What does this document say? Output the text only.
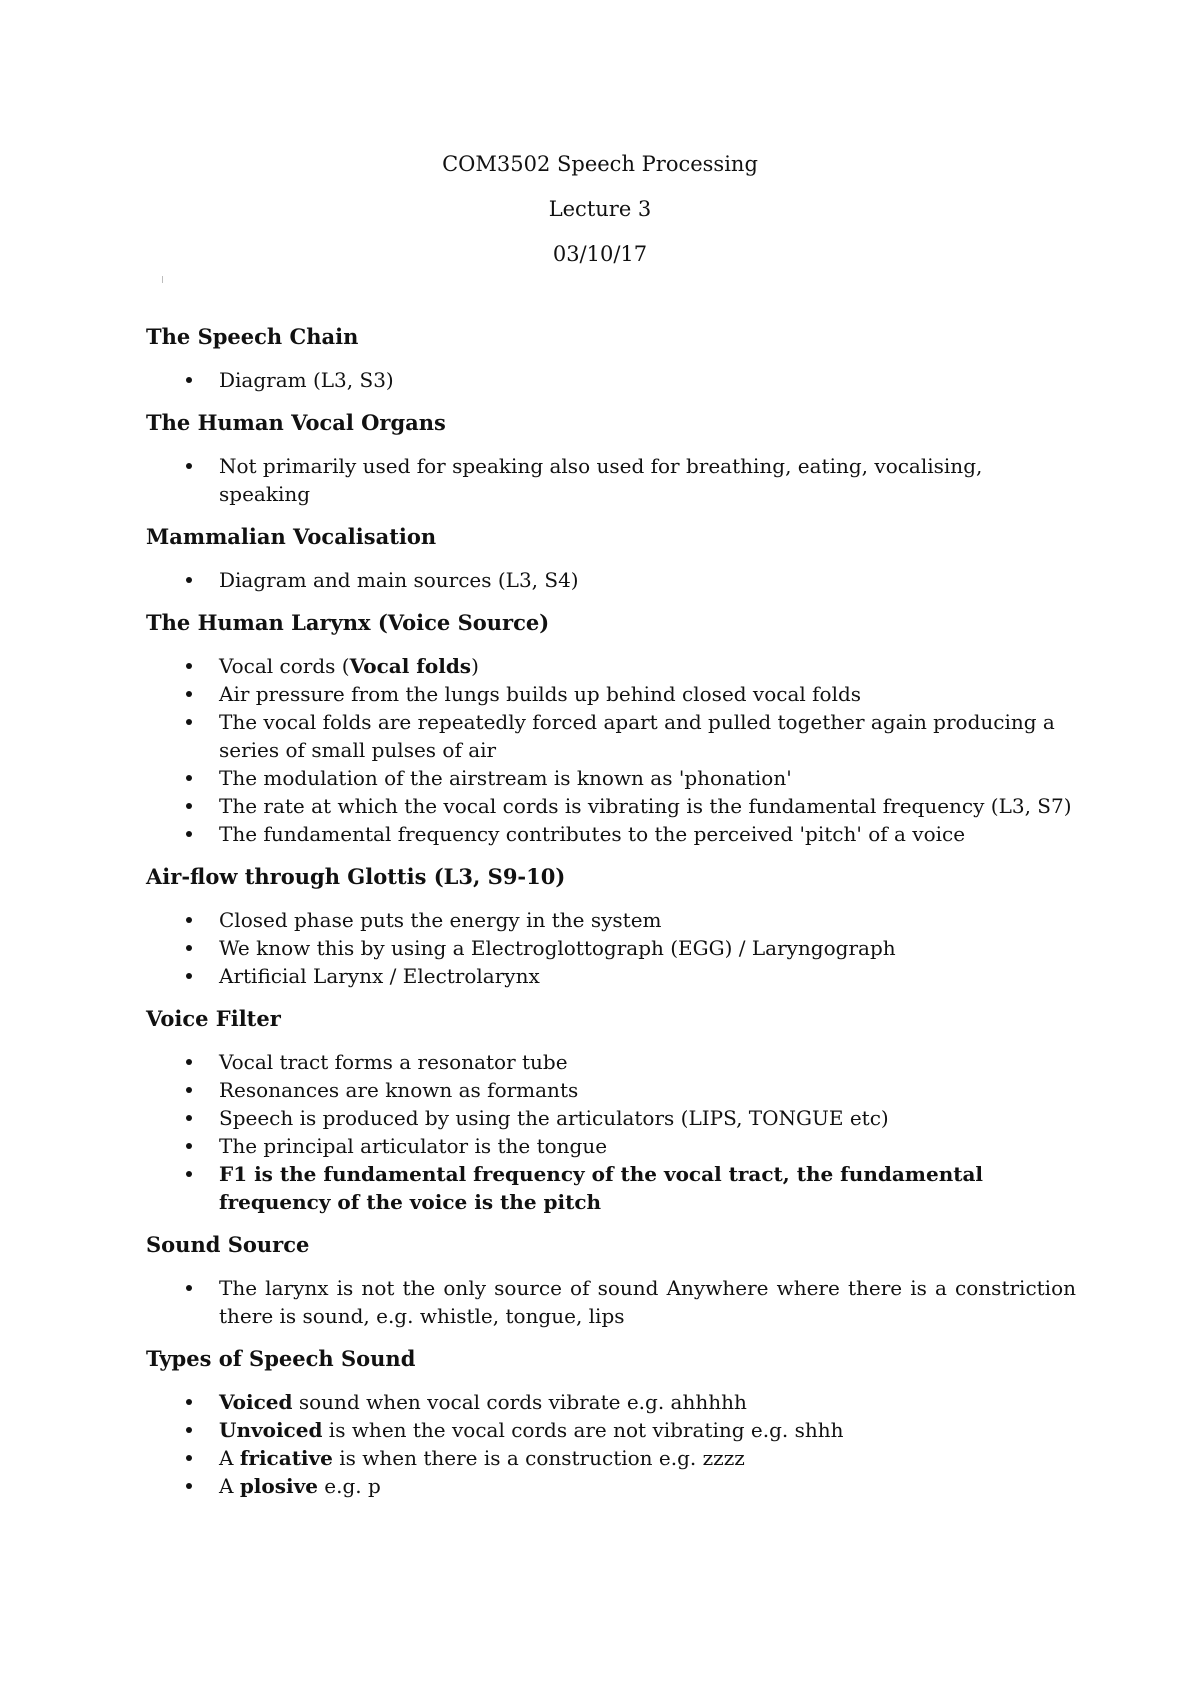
COM3502 Speech Processing
Lecture 3
03/10/17
The Speech Chain
Diagram (L3, S3)
The Human Vocal Organs
Not primarily used for speaking also used for breathing, eating, vocalising, speaking
Mammalian Vocalisation
Diagram and main sources (L3, S4)
The Human Larynx (Voice Source)
Vocal cords (Vocal folds)
Air pressure from the lungs builds up behind closed vocal folds
The vocal folds are repeatedly forced apart and pulled together again producing a series of small pulses of air
The modulation of the airstream is known as 'phonation'
The rate at which the vocal cords is vibrating is the fundamental frequency (L3, S7)
The fundamental frequency contributes to the perceived 'pitch' of a voice
Air-flow through Glottis (L3, S9-10)
Closed phase puts the energy in the system
We know this by using a Electroglottograph (EGG) / Laryngograph
Artificial Larynx / Electrolarynx
Voice Filter
Vocal tract forms a resonator tube
Resonances are known as formants
Speech is produced by using the articulators (LIPS, TONGUE etc)
The principal articulator is the tongue
F1 is the fundamental frequency of the vocal tract, the fundamental frequency of the voice is the pitch
Sound Source
The larynx is not the only source of sound Anywhere where there is a constriction there is sound, e.g. whistle, tongue, lips
Types of Speech Sound
Voiced sound when vocal cords vibrate e.g. ahhhhh
Unvoiced is when the vocal cords are not vibrating e.g. shhh
A fricative is when there is a construction e.g. zzzz
A plosive e.g. p
